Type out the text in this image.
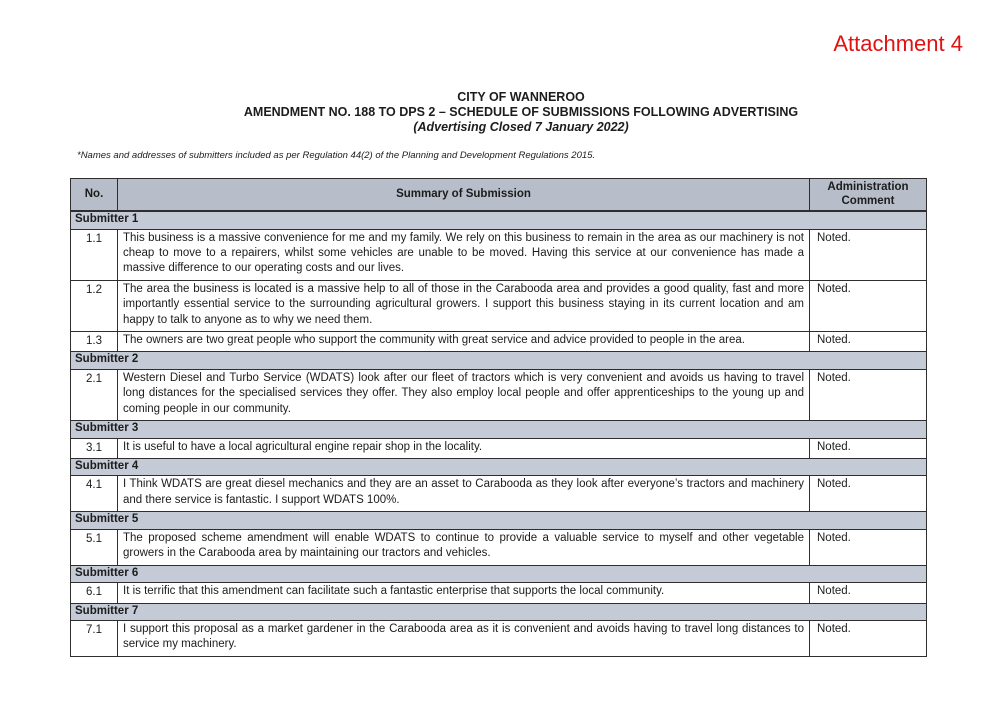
Attachment 4
CITY OF WANNEROO
AMENDMENT NO. 188 TO DPS 2 – SCHEDULE OF SUBMISSIONS FOLLOWING ADVERTISING
(Advertising Closed 7 January 2022)
*Names and addresses of submitters included as per Regulation 44(2) of the Planning and Development Regulations 2015.
No.	Summary of Submission	Administration Comment
Submitter 1		
1.1	This business is a massive convenience for me and my family. We rely on this business to remain in the area as our machinery is not cheap to move to a repairers, whilst some vehicles are unable to be moved. Having this service at our convenience has made a massive difference to our operating costs and our lives.	Noted.
1.2	The area the business is located is a massive help to all of those in the Carabooda area and provides a good quality, fast and more importantly essential service to the surrounding agricultural growers. I support this business staying in its current location and am happy to talk to anyone as to why we need them.	Noted.
1.3	The owners are two great people who support the community with great service and advice provided to people in the area.	Noted.
Submitter 2		
2.1	Western Diesel and Turbo Service (WDATS) look after our fleet of tractors which is very convenient and avoids us having to travel long distances for the specialised services they offer. They also employ local people and offer apprenticeships to the young up and coming people in our community.	Noted.
Submitter 3		
3.1	It is useful to have a local agricultural engine repair shop in the locality.	Noted.
Submitter 4		
4.1	I Think WDATS are great diesel mechanics and they are an asset to Carabooda as they look after everyone’s tractors and machinery and there service is fantastic. I support WDATS 100%.	Noted.
Submitter 5		
5.1	The proposed scheme amendment will enable WDATS to continue to provide a valuable service to myself and other vegetable growers in the Carabooda area by maintaining our tractors and vehicles.	Noted.
Submitter 6		
6.1	It is terrific that this amendment can facilitate such a fantastic enterprise that supports the local community.	Noted.
Submitter 7		
7.1	I support this proposal as a market gardener in the Carabooda area as it is convenient and avoids having to travel long distances to service my machinery.	Noted.
